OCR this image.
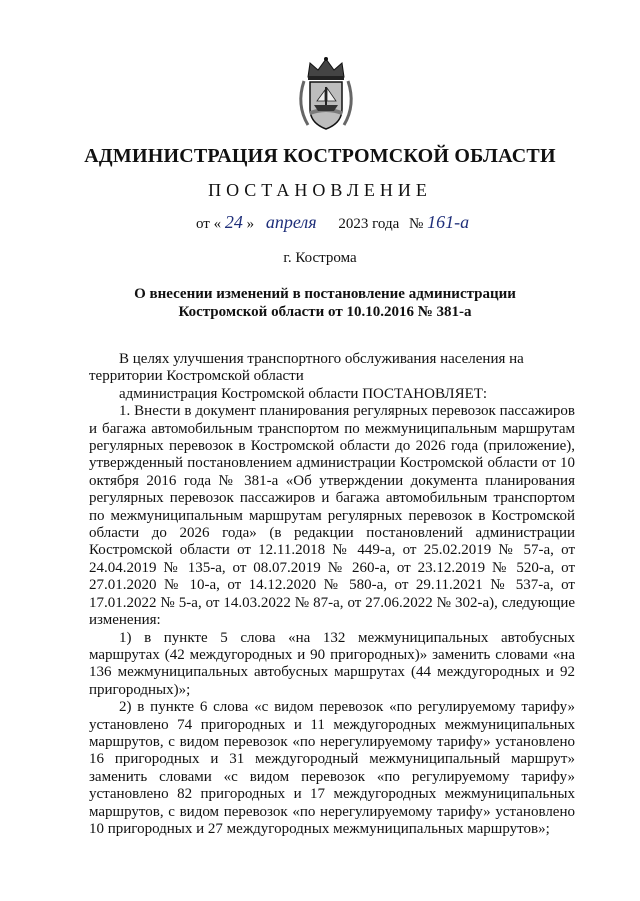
АДМИНИСТРАЦИЯ КОСТРОМСКОЙ ОБЛАСТИ
ПОСТАНОВЛЕНИЕ
от « 24 » апреля 2023 года № 161-а
г. Кострома
О внесении изменений в постановление администрации
Костромской области от 10.10.2016 № 381-а

В целях улучшения транспортного обслуживания населения на

территории Костромской области

администрация Костромской области ПОСТАНОВЛЯЕТ:

1. Внести в документ планирования регулярных перевозок пассажиров и багажа автомобильным транспортом по межмуниципальным маршрутам регулярных перевозок в Костромской области до 2026 года (приложение), утвержденный постановлением администрации Костромской области от 10 октября 2016 года № 381-а «Об утверждении документа планирования регулярных перевозок пассажиров и багажа автомобильным транспортом по межмуниципальным маршрутам регулярных перевозок в Костромской области до 2026 года» (в редакции постановлений администрации Костромской области от 12.11.2018 № 449-а, от 25.02.2019 № 57-а, от 24.04.2019 № 135-а, от 08.07.2019 № 260-а, от 23.12.2019 № 520-а, от 27.01.2020 № 10-а, от 14.12.2020 № 580-а, от 29.11.2021 № 537-а, от 17.01.2022 № 5-а, от 14.03.2022 № 87-а, от 27.06.2022 № 302-а), следующие изменения:

1) в пункте 5 слова «на 132 межмуниципальных автобусных маршрутах (42 междугородных и 90 пригородных)» заменить словами «на 136 межмуниципальных автобусных маршрутах (44 междугородных и 92 пригородных)»;

2) в пункте 6 слова «с видом перевозок «по регулируемому тарифу» установлено 74 пригородных и 11 междугородных межмуниципальных маршрутов, с видом перевозок «по нерегулируемому тарифу» установлено 16 пригородных и 31 междугородный межмуниципальный маршрут» заменить словами «с видом перевозок «по регулируемому тарифу» установлено 82 пригородных и 17 междугородных межмуниципальных маршрутов, с видом перевозок «по нерегулируемому тарифу» установлено 10 пригородных и 27 междугородных межмуниципальных маршрутов»;
